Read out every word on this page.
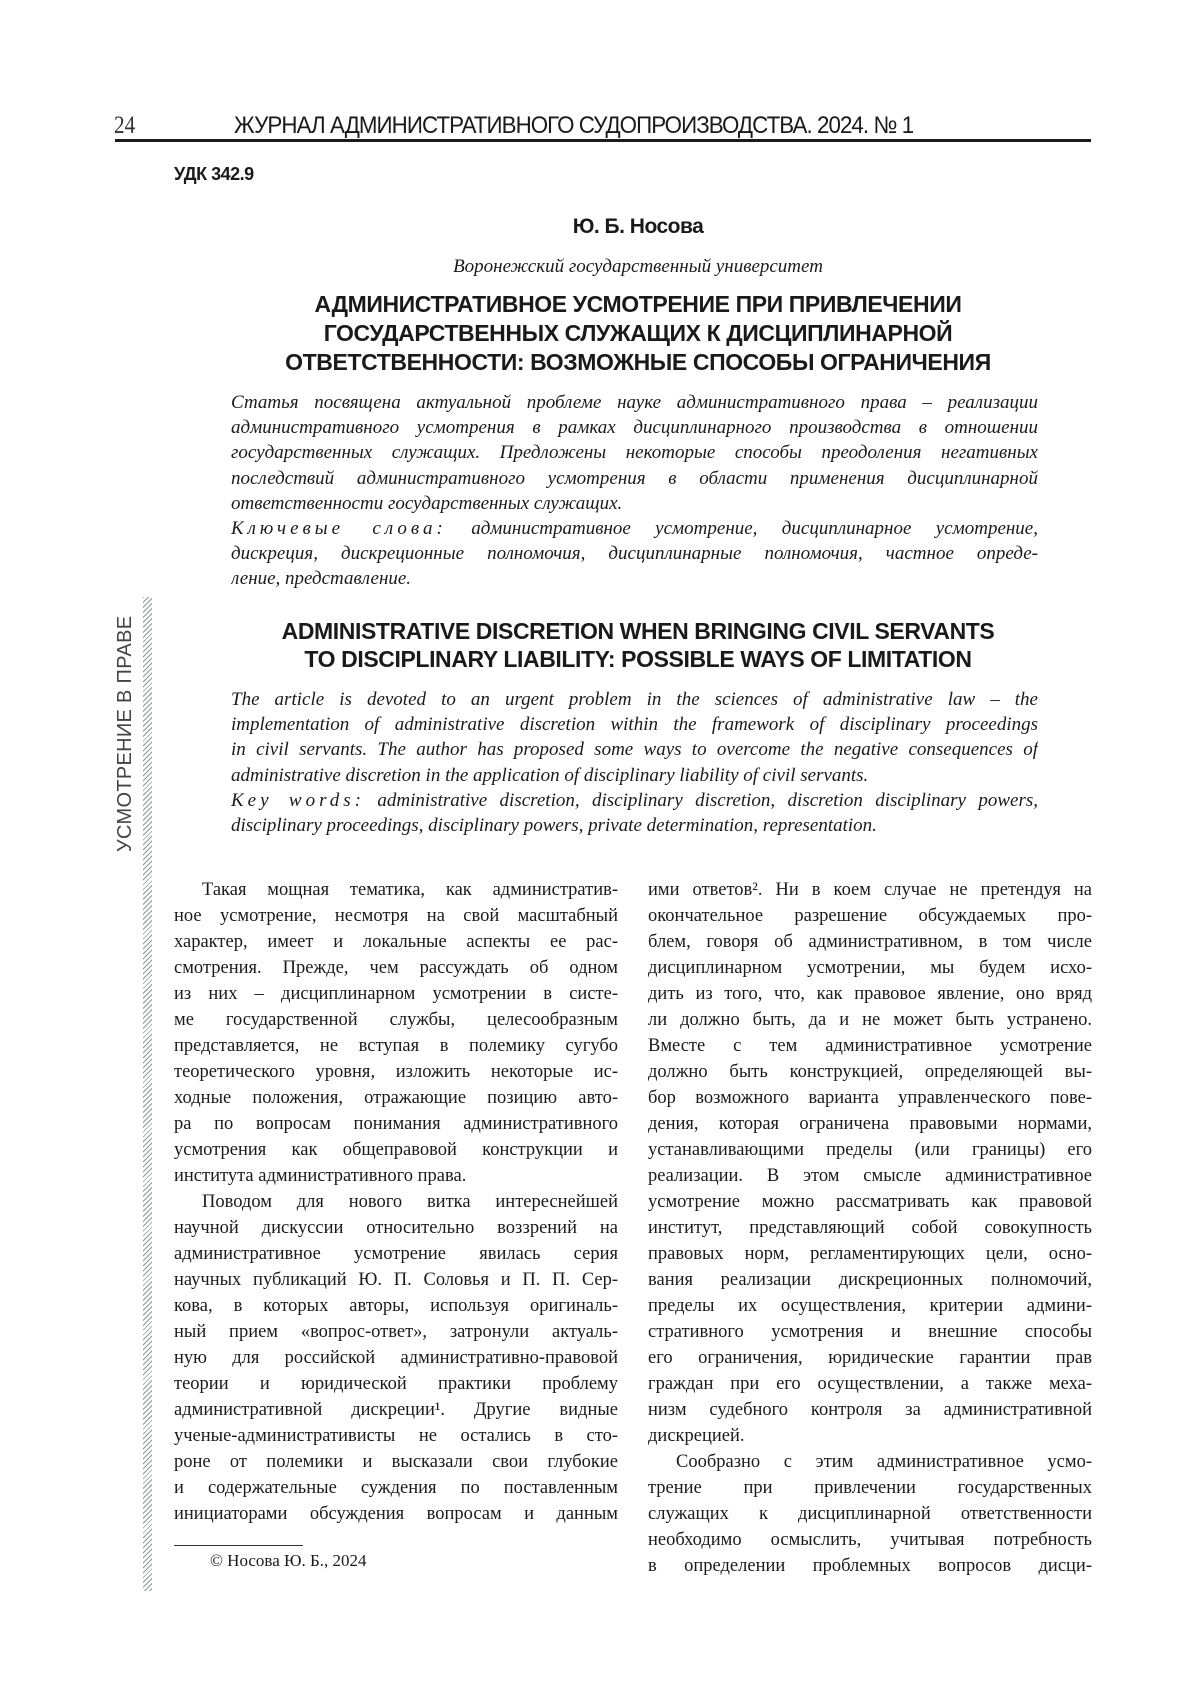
24	ЖУРНАЛ АДМИНИСТРАТИВНОГО СУДОПРОИЗВОДСТВА. 2024. № 1
УСМОТРЕНИЕ В ПРАВЕ
УДК 342.9
Ю. Б. Носова
Воронежский государственный университет
АДМИНИСТРАТИВНОЕ УСМОТРЕНИЕ ПРИ ПРИВЛЕЧЕНИИ
ГОСУДАРСТВЕННЫХ СЛУЖАЩИХ К ДИСЦИПЛИНАРНОЙ
ОТВЕТСТВЕННОСТИ: ВОЗМОЖНЫЕ СПОСОБЫ ОГРАНИЧЕНИЯ
Статья посвящена актуальной проблеме науке административного права – реализации
административного усмотрения в рамках дисциплинарного производства в отношении
государственных служащих. Предложены некоторые способы преодоления негативных
последствий административного усмотрения в области применения дисциплинарной
ответственности государственных служащих.
Ключевые слова: административное усмотрение, дисциплинарное усмотрение,
дискреция, дискреционные полномочия, дисциплинарные полномочия, частное опреде-
ление, представление.
ADMINISTRATIVE DISCRETION WHEN BRINGING CIVIL SERVANTS
TO DISCIPLINARY LIABILITY: POSSIBLE WAYS OF LIMITATION
The article is devoted to an urgent problem in the sciences of administrative law – the
implementation of administrative discretion within the framework of disciplinary proceedings
in civil servants. The author has proposed some ways to overcome the negative consequences of
administrative discretion in the application of disciplinary liability of civil servants.
Key words: administrative discretion, disciplinary discretion, discretion disciplinary powers,
disciplinary proceedings, disciplinary powers, private determination, representation.
Такая мощная тематика, как административ-
ное усмотрение, несмотря на свой масштабный
характер, имеет и локальные аспекты ее рас-
смотрения. Прежде, чем рассуждать об одном
из них – дисциплинарном усмотрении в систе-
ме государственной службы, целесообразным
представляется, не вступая в полемику сугубо
теоретического уровня, изложить некоторые ис-
ходные положения, отражающие позицию авто-
ра по вопросам понимания административного
усмотрения как общеправовой конструкции и
института административного права.
Поводом для нового витка интереснейшей
научной дискуссии относительно воззрений на
административное усмотрение явилась серия
научных публикаций Ю. П. Соловья и П. П. Сер-
кова, в которых авторы, используя оригиналь-
ный прием «вопрос-ответ», затронули актуаль-
ную для российской административно-правовой
теории и юридической практики проблему
административной дискреции¹. Другие видные
ученые-административисты не остались в сто-
роне от полемики и высказали свои глубокие
и содержательные суждения по поставленным
инициаторами обсуждения вопросам и данным
ими ответов². Ни в коем случае не претендуя на
окончательное разрешение обсуждаемых про-
блем, говоря об административном, в том числе
дисциплинарном усмотрении, мы будем исхо-
дить из того, что, как правовое явление, оно вряд
ли должно быть, да и не может быть устранено.
Вместе с тем административное усмотрение
должно быть конструкцией, определяющей вы-
бор возможного варианта управленческого пове-
дения, которая ограничена правовыми нормами,
устанавливающими пределы (или границы) его
реализации. В этом смысле административное
усмотрение можно рассматривать как правовой
институт, представляющий собой совокупность
правовых норм, регламентирующих цели, осно-
вания реализации дискреционных полномочий,
пределы их осуществления, критерии админи-
стративного усмотрения и внешние способы
его ограничения, юридические гарантии прав
граждан при его осуществлении, а также меха-
низм судебного контроля за административной
дискрецией.
Сообразно с этим административное усмо-
трение при привлечении государственных
служащих к дисциплинарной ответственности
необходимо осмыслить, учитывая потребность
в определении проблемных вопросов дисци-
© Носова Ю. Б., 2024
